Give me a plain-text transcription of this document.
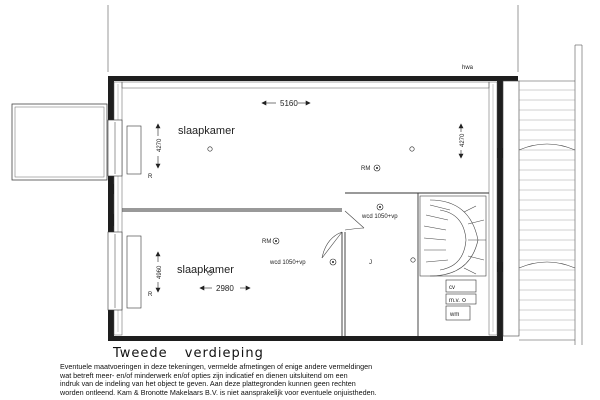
slaapkamer
slaapkamer
5160
2980
4270	4270
4960
hwa
RM
RM
wcd 1050+vp
wcd 1050+vp
R
R
J
cv
m.v.
wm
Tweede verdieping
Eventuele maatvoeringen in deze tekeningen, vermelde afmetingen of enige andere vermeldingen
wat betreft meer- en/of minderwerk en/of opties zijn indicatief en dienen uitsluitend om een
indruk van de indeling van het object te geven. Aan deze plattegronden kunnen geen rechten
worden ontleend. Kam & Bronotte Makelaars B.V. is niet aansprakelijk voor eventuele onjuistheden.
